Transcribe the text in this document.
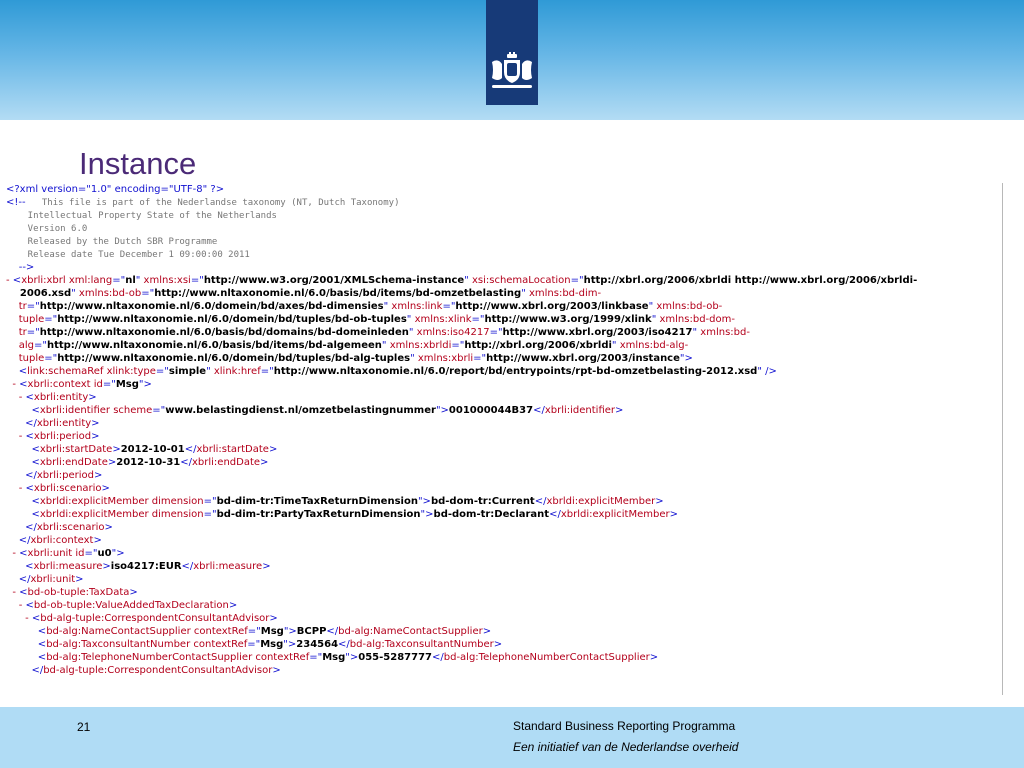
Instance
<?xml version="1.0" encoding="UTF-8" ?>
<!--   This file is part of the Nederlandse taxonomy (NT, Dutch Taxonomy)
Intellectual Property State of the Netherlands
Version 6.0
Released by the Dutch SBR Programme
Release date Tue December 1 09:00:00 2011
-->
- <xbrli:xbrl xml:lang="nl" xmlns:xsi="http://www.w3.org/2001/XMLSchema-instance" xsi:schemaLocation="http://xbrl.org/2006/xbrldi http://www.xbrl.org/2006/xbrldi-
2006.xsd" xmlns:bd-ob="http://www.nltaxonomie.nl/6.0/basis/bd/items/bd-omzetbelasting" xmlns:bd-dim-
tr="http://www.nltaxonomie.nl/6.0/domein/bd/axes/bd-dimensies" xmlns:link="http://www.xbrl.org/2003/linkbase" xmlns:bd-ob-
tuple="http://www.nltaxonomie.nl/6.0/domein/bd/tuples/bd-ob-tuples" xmlns:xlink="http://www.w3.org/1999/xlink" xmlns:bd-dom-
tr="http://www.nltaxonomie.nl/6.0/basis/bd/domains/bd-domeinleden" xmlns:iso4217="http://www.xbrl.org/2003/iso4217" xmlns:bd-
alg="http://www.nltaxonomie.nl/6.0/basis/bd/items/bd-algemeen" xmlns:xbrldi="http://xbrl.org/2006/xbrldi" xmlns:bd-alg-
tuple="http://www.nltaxonomie.nl/6.0/domein/bd/tuples/bd-alg-tuples" xmlns:xbrli="http://www.xbrl.org/2003/instance">
<link:schemaRef xlink:type="simple" xlink:href="http://www.nltaxonomie.nl/6.0/report/bd/entrypoints/rpt-bd-omzetbelasting-2012.xsd" />
- <xbrli:context id="Msg">
- <xbrli:entity>
<xbrli:identifier scheme="www.belastingdienst.nl/omzetbelastingnummer">001000044B37</xbrli:identifier>
</xbrli:entity>
- <xbrli:period>
<xbrli:startDate>2012-10-01</xbrli:startDate>
<xbrli:endDate>2012-10-31</xbrli:endDate>
</xbrli:period>
- <xbrli:scenario>
<xbrldi:explicitMember dimension="bd-dim-tr:TimeTaxReturnDimension">bd-dom-tr:Current</xbrldi:explicitMember>
<xbrldi:explicitMember dimension="bd-dim-tr:PartyTaxReturnDimension">bd-dom-tr:Declarant</xbrldi:explicitMember>
</xbrli:scenario>
</xbrli:context>
- <xbrli:unit id="u0">
<xbrli:measure>iso4217:EUR</xbrli:measure>
</xbrli:unit>
- <bd-ob-tuple:TaxData>
- <bd-ob-tuple:ValueAddedTaxDeclaration>
- <bd-alg-tuple:CorrespondentConsultantAdvisor>
<bd-alg:NameContactSupplier contextRef="Msg">BCPP</bd-alg:NameContactSupplier>
<bd-alg:TaxconsultantNumber contextRef="Msg">234564</bd-alg:TaxconsultantNumber>
<bd-alg:TelephoneNumberContactSupplier contextRef="Msg">055-5287777</bd-alg:TelephoneNumberContactSupplier>
</bd-alg-tuple:CorrespondentConsultantAdvisor>
21	Standard Business Reporting Programma
Een initiatief van de Nederlandse overheid
